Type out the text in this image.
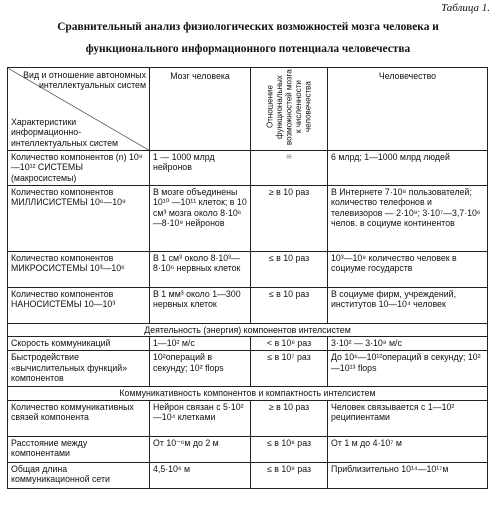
Таблица 1.
Сравнительный анализ физиологических возможностей мозга человека и
функционального информационного потенциала человечества
Вид и отношение автономных интеллектуальных систем
Характеристики информационно-интеллектуальных систем	Мозг человека	Отношение функциональных возможностей мозга к численности человечества	Человечество
Количество компонентов (n) 10⁹—10¹² СИСТЕМЫ (макросистемы)	1 — 1000 млрд нейронов	≅	6 млрд; 1—1000 млрд людей
Количество компонентов МИЛЛИСИСТЕМЫ 10⁶—10⁹	В мозге объединены 10¹⁰ —10¹¹ клеток; в 10 см³ мозга около 8·10⁶—8·10⁹ нейронов	≥ в 10 раз	В Интернете 7·10⁸ пользователей; количество телефонов и телевизоров — 2·10⁹; 3·10⁷—3,7·10⁶ челов. в социуме континентов
Количество компонентов МИКРОСИСТЕМЫ 10³—10⁶	В 1 см³ около 8·10³—8·10⁶ нервных клеток	≤ в 10 раз	10³—10⁸ количество человек в социуме государств
Количество компонентов НАНОСИСТЕМЫ 10—10³	В 1 мм³ около 1—300 нервных клеток	≤ в 10 раз	В социуме фирм, учреждений, институтов 10—10⁴ человек
Деятельность (энергия) компонентов интелсистем			
Скорость коммуникаций	1—10² м/с	< в 10⁶ раз	3·10² — 3·10⁸ м/с
Быстродействие «вычислительных функций» компонентов	10²операций в секунду; 10² flops	≤ в 10⁷ раз	До 10⁶—10¹²операций в секунду; 10²—10¹³ flops
Коммуникативность компонентов и компактность интелсистем			
Количество коммуникативных связей компонента	Нейрон связан с 5·10²—10⁴ клетками	≥ в 10 раз	Человек связывается с 1—10² реципиентами
Расстояние между компонентами	От 10⁻⁶м до 2 м	≤ в 10⁸ раз	От 1 м до 4·10⁷ м
Общая длина коммуникационной сети	4,5·10⁶ м	≤ в 10⁹ раз	Приблизительно 10¹⁴—10¹⁷м
